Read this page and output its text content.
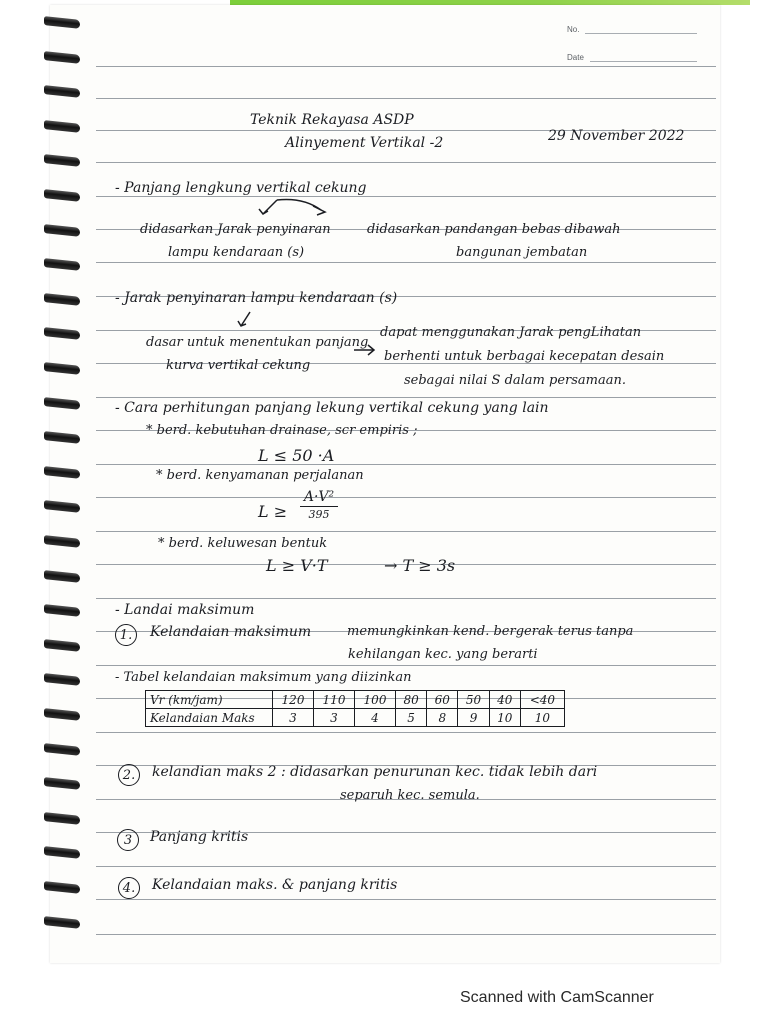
No.
Date
Teknik Rekayasa ASDP
Alinyement Vertikal -2	29 November 2022
- Panjang lengkung vertikal cekung
didasarkan Jarak penyinaran
lampu kendaraan (s)
didasarkan pandangan bebas dibawah
bangunan jembatan
- Jarak penyinaran lampu kendaraan (s)
dasar untuk menentukan panjang
kurva vertikal cekung
dapat menggunakan Jarak pengLihatan
berhenti untuk berbagai kecepatan desain
sebagai nilai S dalam persamaan.
- Cara perhitungan panjang lekung vertikal cekung yang lain
* berd. kebutuhan drainase, scr empiris ;
L ≤ 50 ·A
* berd. kenyamanan perjalanan
L ≥
A·V²
395
* berd. keluwesan bentuk
L ≥ V·T	→ T ≥ 3s
- Landai maksimum
1.	Kelandaian maksimum	memungkinkan kend. bergerak terus tanpa
kehilangan kec. yang berarti
- Tabel kelandaian maksimum yang diizinkan
Vr (km/jam)	120	110	100	80	60	50	40	<40
Kelandaian Maks	3	3	4	5	8	9	10	10
2.	kelandian maks 2 : didasarkan penurunan kec. tidak lebih dari
separuh kec. semula.
3	Panjang kritis
4.	Kelandaian maks. & panjang kritis
Scanned with CamScanner
